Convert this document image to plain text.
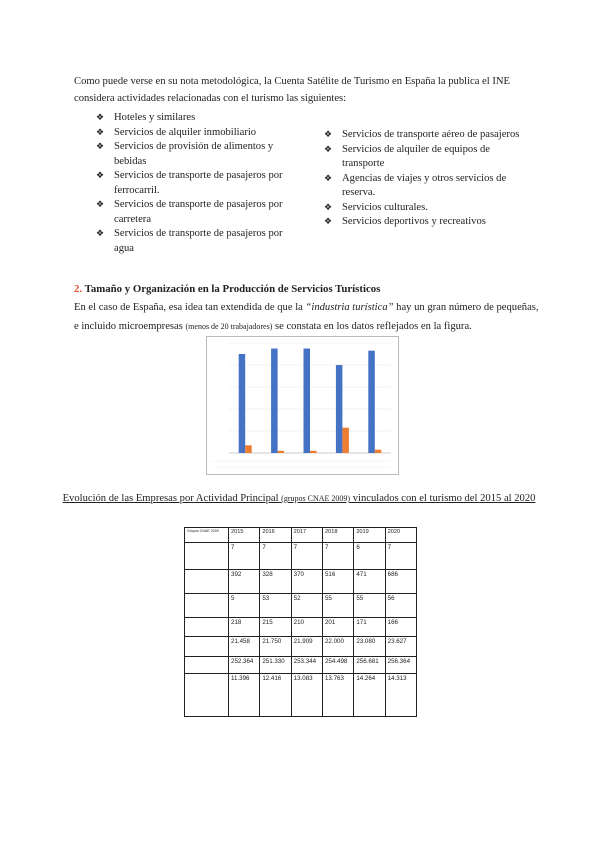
Como puede verse en su nota metodológica, la Cuenta Satélite de Turismo en España la publica el INE considera actividades relacionadas con el turismo las siguientes:

❖ Hoteles y similares
❖ Servicios de alquiler inmobiliario
❖ Servicios de provisión de alimentos y bebidas
❖ Servicios de transporte de pasajeros por ferrocarril.
❖ Servicios de transporte de pasajeros por carretera
❖ Servicios de transporte de pasajeros por agua
❖ Servicios de transporte aéreo de pasajeros
❖ Servicios de alquiler de equipos de transporte
❖ Agencias de viajes y otros servicios de reserva.
❖ Servicios culturales.
❖ Servicios deportivos y recreativos
2. Tamaño y Organización en la Producción de Servicios Turísticos

En el caso de España, esa idea tan extendida de que la “industria turística” hay un gran número de pequeñas, e incluido microempresas (menos de 20 trabajadores) se constata en los datos reflejados en la figura.

Evolución de las Empresas por Actividad Principal (grupos CNAE 2009) vinculados con el turismo del 2015 al 2020
Grupos CNAE 2009	2015	2016	2017	2018	2019	2020
	7	7	7	7	6	7
	392	328	370	516	471	686
	5	53	52	55	55	56
	218	215	210	201	171	166
	21.458	21.750	21.909	22.000	23.080	23.627
	252.364	251.330	253.344	254.498	256.681	256.364
	11.396	12.416	13.083	13.763	14.264	14.313
